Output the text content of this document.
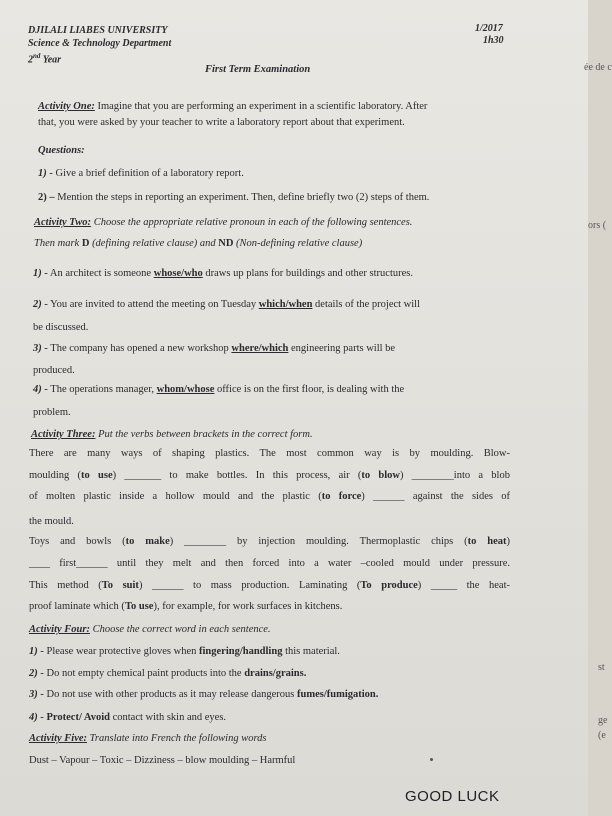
DJILALI LIABES UNIVERSITY
Science & Technology Department
2nd Year
1/2017
1h30
First Term Examination
Activity One: Imagine that you are performing an experiment in a scientific laboratory. After
that, you were asked by your teacher to write a laboratory report about that experiment.
Questions:
1) - Give a brief definition of a laboratory report.
2) – Mention the steps in reporting an experiment. Then, define briefly two (2) steps of them.
Activity Two: Choose the appropriate relative pronoun in each of the following sentences.
Then mark D (defining relative clause) and ND (Non-defining relative clause)
1) - An architect is someone whose/who draws up plans for buildings and other structures.
2) - You are invited to attend the meeting on Tuesday which/when details of the project will
be discussed.
3) - The company has opened a new workshop where/which engineering parts will be
produced.
4) - The operations manager, whom/whose office is on the first floor, is dealing with the
problem.
Activity Three: Put the verbs between brackets in the correct form.
There are many ways of shaping plastics. The most common way is by moulding. Blow-
moulding (to use) _______ to make bottles. In this process, air (to blow) ________into a blob
of molten plastic inside a hollow mould and the plastic (to force) ______ against the sides of
the mould.
Toys and bowls (to make) ________ by injection moulding. Thermoplastic chips (to heat)
____ first______ until they melt and then forced into a water –cooled mould under pressure.
This method (To suit) ______ to mass production. Laminating (To produce) _____ the heat-
proof laminate which (To use), for example, for work surfaces in kitchens.
Activity Four: Choose the correct word in each sentence.
1) - Please wear protective gloves when fingering/handling this material.
2) - Do not empty chemical paint products into the drains/grains.
3) - Do not use with other products as it may release dangerous fumes/fumigation.
4) - Protect/ Avoid contact with skin and eyes.
Activity Five: Translate into French the following words
Dust – Vapour – Toxic – Dizziness – blow moulding – Harmful
GOOD LUCK
ée de c
ors (
st
ge
(e
